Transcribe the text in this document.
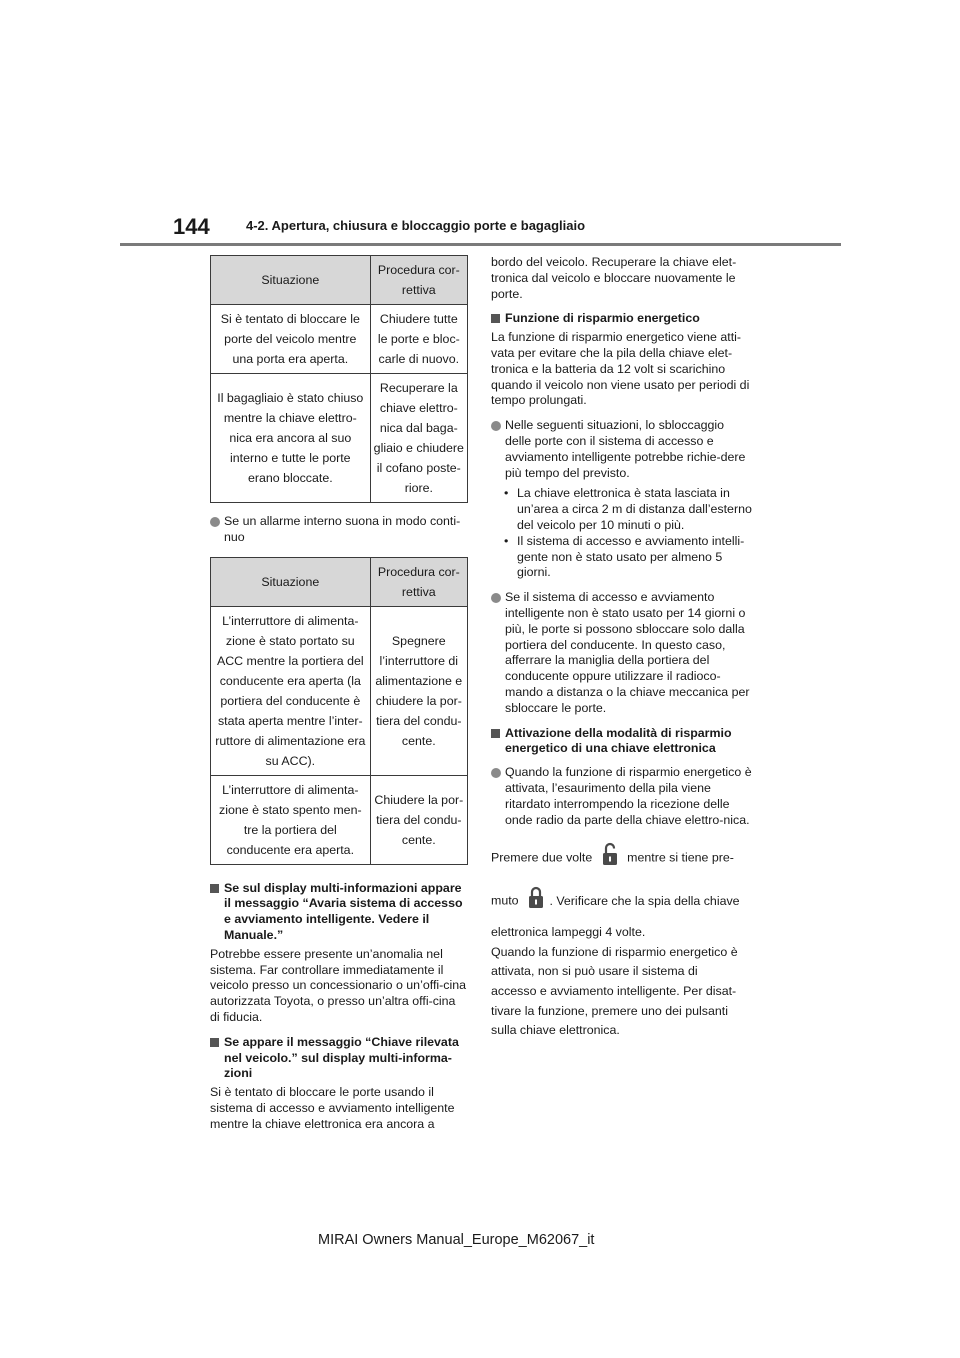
144	4-2. Apertura, chiusura e bloccaggio porte e bagagliaio
Situazione	Procedura cor-
rettiva
Si è tentato di bloccare le porte del veicolo mentre una porta era aperta.	Chiudere tutte le porte e bloc-carle di nuovo.
Il bagagliaio è stato chiuso mentre la chiave elettro-nica era ancora al suo interno e tutte le porte erano bloccate.	Recuperare la chiave elettro-nica dal baga-gliaio e chiudere il cofano poste-riore.
Se un allarme interno suona in modo conti-nuo
Situazione	Procedura cor-
rettiva
L’interruttore di alimenta-zione è stato portato su ACC mentre la portiera del conducente era aperta (la portiera del conducente è stata aperta mentre l’inter-ruttore di alimentazione era su ACC).	Spegnere l’interruttore di alimentazione e chiudere la por-tiera del condu-cente.
L’interruttore di alimenta-zione è stato spento men-tre la portiera del conducente era aperta.	Chiudere la por-tiera del condu-cente.
Se sul display multi-informazioni appare il messaggio “Avaria sistema di accesso e avviamento intelligente. Vedere il Manuale.”

Potrebbe essere presente un’anomalia nel sistema. Far controllare immediatamente il veicolo presso un concessionario o un’offi-cina autorizzata Toyota, o presso un’altra offi-cina di fiducia.

Se appare il messaggio “Chiave rilevata nel veicolo.” sul display multi-informa-zioni

Si è tentato di bloccare le porte usando il sistema di accesso e avviamento intelligente mentre la chiave elettronica era ancora a

bordo del veicolo. Recuperare la chiave elet-tronica dal veicolo e bloccare nuovamente le porte.

Funzione di risparmio energetico

La funzione di risparmio energetico viene atti-vata per evitare che la pila della chiave elet-tronica e la batteria da 12 volt si scarichino quando il veicolo non viene usato per periodi di tempo prolungati.

Nelle seguenti situazioni, lo sbloccaggio delle porte con il sistema di accesso e avviamento intelligente potrebbe richie-dere più tempo del previsto.
• La chiave elettronica è stata lasciata in un’area a circa 2 m di distanza dall’esterno del veicolo per 10 minuti o più.
• Il sistema di accesso e avviamento intelli-gente non è stato usato per almeno 5 giorni.
Se il sistema di accesso e avviamento intelligente non è stato usato per 14 giorni o più, le porte si possono sbloccare solo dalla portiera del conducente. In questo caso, afferrare la maniglia della portiera del conducente oppure utilizzare il radioco-mando a distanza o la chiave meccanica per sbloccare le porte.
Attivazione della modalità di risparmio energetico di una chiave elettronica
Quando la funzione di risparmio energetico è attivata, l’esaurimento della pila viene ritardato interrompendo la ricezione delle onde radio da parte della chiave elettro-nica.

Premere due volte	mentre si tiene pre-

muto . Verificare che la spia della chiave

elettronica lampeggi 4 volte.

Quando la funzione di risparmio energetico è

attivata, non si può usare il sistema di

accesso e avviamento intelligente. Per disat-

tivare la funzione, premere uno dei pulsanti

sulla chiave elettronica.

MIRAI Owners Manual_Europe_M62067_it
